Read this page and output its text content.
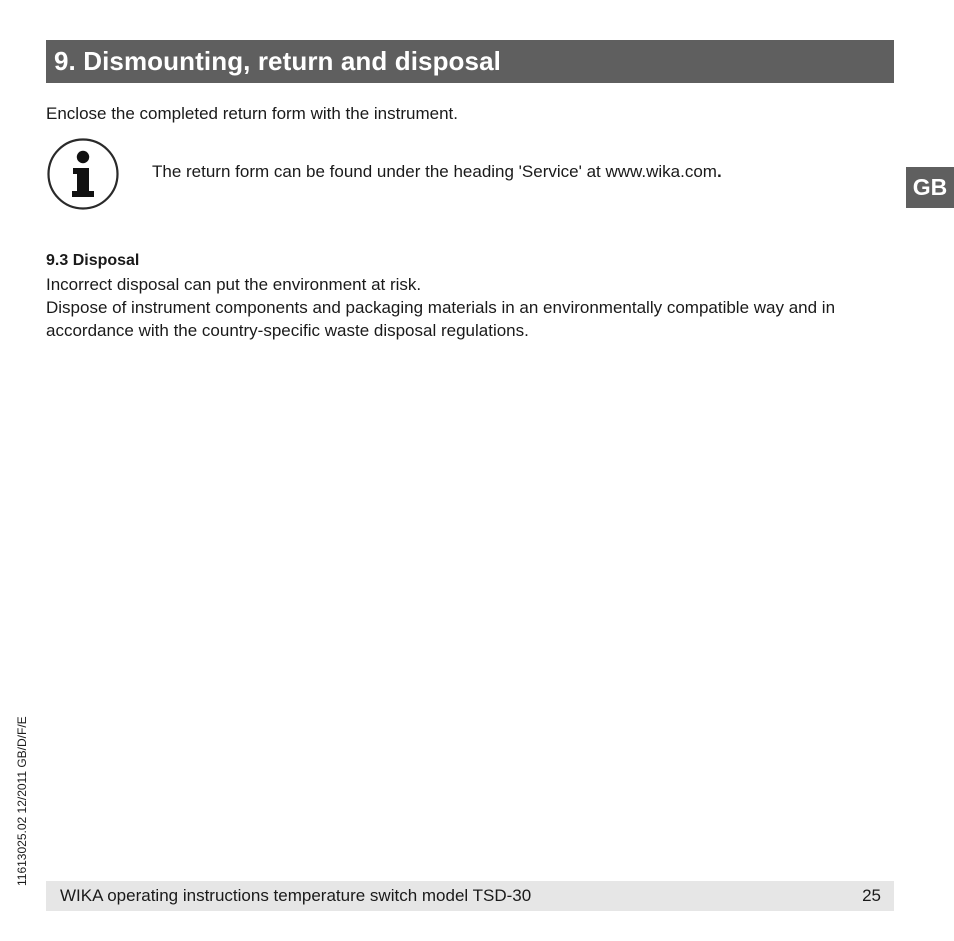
9. Dismounting, return and disposal

Enclose the completed return form with the instrument.

The return form can be found under the heading 'Service' at www.wika.com.

9.3 Disposal

Incorrect disposal can put the environment at risk.

Dispose of instrument components and packaging materials in an environmentally compatible way and in accordance with the country-specific waste disposal regulations.

GB
11613025.02 12/2011 GB/D/F/E
WIKA operating instructions temperature switch model TSD-30	25
